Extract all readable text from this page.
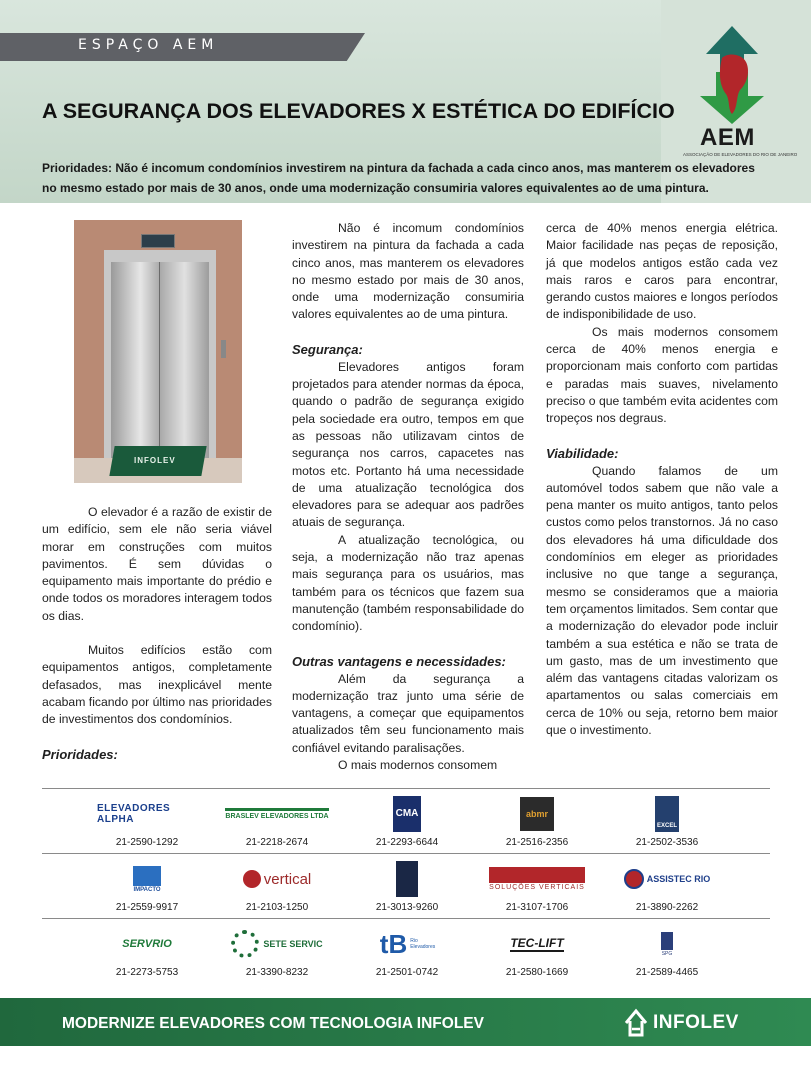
ESPAÇO AEM
A SEGURANÇA DOS ELEVADORES X ESTÉTICA DO EDIFÍCIO

Prioridades: Não é incomum condomínios investirem na pintura da fachada a cada cinco anos, mas manterem os elevadores no mesmo estado por mais de 30 anos, onde uma modernização consumiria valores equivalentes ao de uma pintura.

AEM
ASSOCIAÇÃO DE ELEVADORES DO RIO DE JANEIRO
INFOLEV

O elevador é a razão de existir de um edifício, sem ele não seria viável morar em construções com muitos pavimentos. É sem dúvidas o equipamento mais importante do prédio e onde todos os moradores interagem todos os dias.

Muitos edifícios estão com equipamentos antigos, completamente defasados, mas inexplicável mente acabam ficando por último nas prioridades de investimentos dos condomínios.

Prioridades:

Não é incomum condomínios investirem na pintura da fachada a cada cinco anos, mas manterem os elevadores no mesmo estado por mais de 30 anos, onde uma modernização consumiria valores equivalentes ao de uma pintura.

Segurança:

Elevadores antigos foram projetados para atender normas da época, quando o padrão de segurança exigido pela sociedade era outro, tempos em que as pessoas não utilizavam cintos de segurança nos carros, capacetes nas motos etc. Portanto há uma necessidade de uma atualização tecnológica dos elevadores para se adequar aos padrões atuais de segurança.

A atualização tecnológica, ou seja, a modernização não traz apenas mais segurança para os usuários, mas também para os técnicos que fazem sua manutenção (também responsabilidade do condomínio).

Outras vantagens e necessidades:

Além da segurança a modernização traz junto uma série de vantagens, a começar que equipamentos atualizados têm seu funcionamento mais confiável evitando paralisações.

O mais modernos consomem

cerca de 40% menos energia elétrica. Maior facilidade nas peças de reposição, já que modelos antigos estão cada vez mais raros e caros para encontrar, gerando custos maiores e longos períodos de indisponibilidade de uso.

Os mais modernos consomem cerca de 40% menos energia e proporcionam mais conforto com partidas e paradas mais suaves, nivelamento preciso o que também evita acidentes com tropeços nos degraus.

Viabilidade:

Quando falamos de um automóvel todos sabem que não vale a pena manter os muito antigos, tanto pelos custos como pelos transtornos. Já no caso dos elevadores há uma dificuldade dos condomínios em eleger as prioridades inclusive no que tange a segurança, mesmo se consideramos que a maioria tem orçamentos limitados. Sem contar que a modernização do elevador pode incluir também a sua estética e não se trata de um gasto, mas de um investimento que além das vantagens citadas valorizam os apartamentos ou salas comerciais em cerca de 10% ou seja, retorno bem maior que o investimento.

ELEVADORES ALPHA
21-2590-1292
BRASLEV ELEVADORES LTDA
21-2218-2674
CMA
21-2293-6644
abmr
21-2516-2356
EXCEL
21-2502-3536
IMPACTO
21-2559-9917
vertical
21-2103-1250	21-3013-9260
SOLUÇÕES VERTICAIS
21-3107-1706
ASSISTEC RIO
21-3890-2262
SERVRIO
21-2273-5753
SETE SERVIC
21-3390-8232
tB Rio Elevadores
21-2501-0742
TEC-LIFT
21-2580-1669
SPG
21-2589-4465
MODERNIZE ELEVADORES COM TECNOLOGIA INFOLEV	INFOLEV
